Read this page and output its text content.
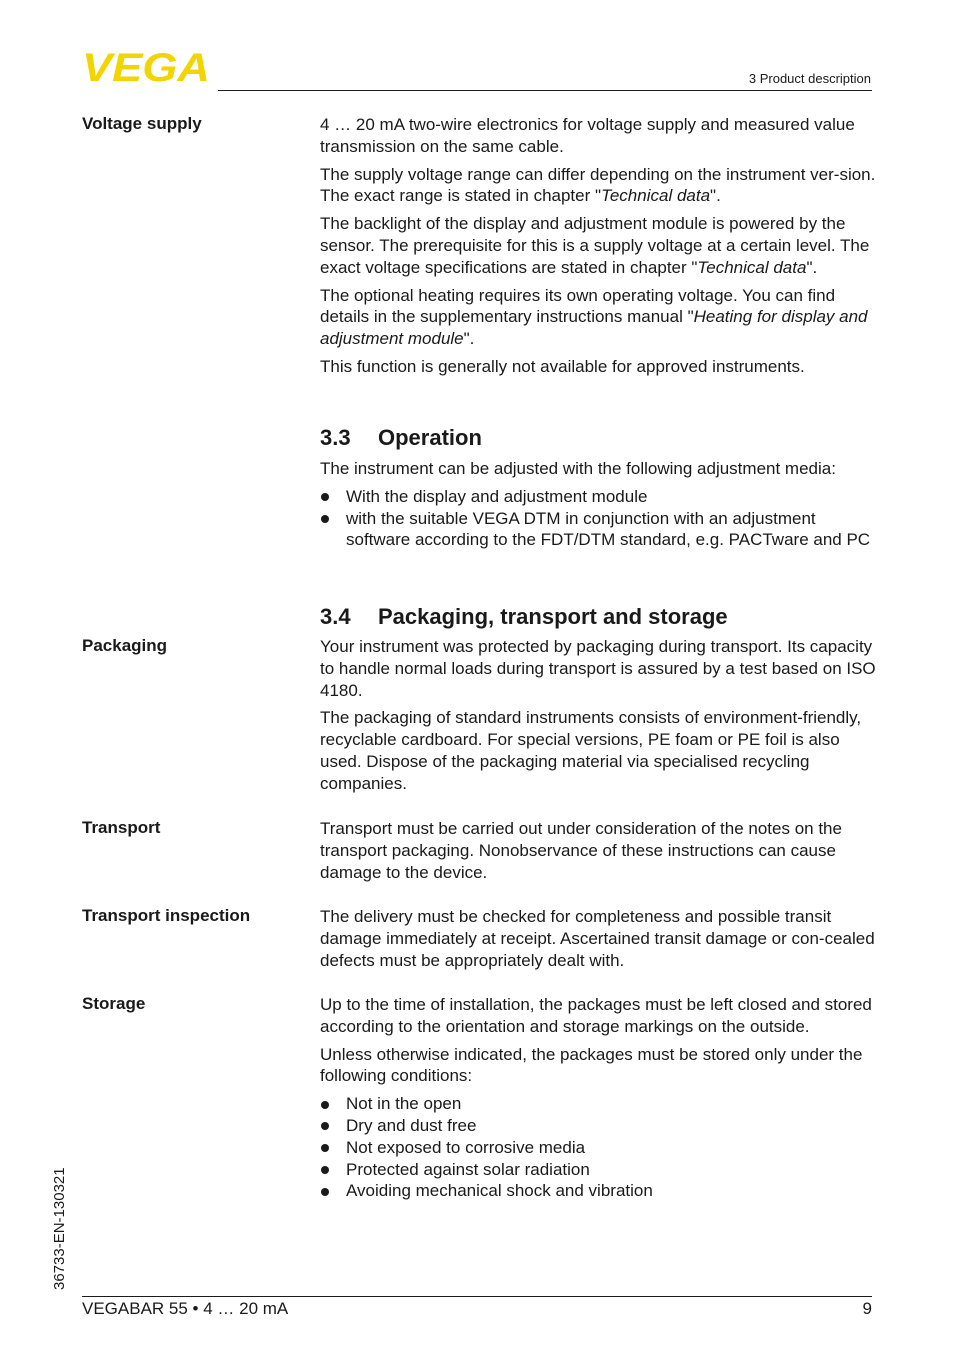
VEGA	3 Product description
Voltage supply	4 … 20 mA two-wire electronics for voltage supply and measured value transmission on the same cable.

The supply voltage range can differ depending on the instrument ver-sion. The exact range is stated in chapter "Technical data".

The backlight of the display and adjustment module is powered by the sensor. The prerequisite for this is a supply voltage at a certain level. The exact voltage specifications are stated in chapter "Technical data".

The optional heating requires its own operating voltage. You can find details in the supplementary instructions manual "Heating for display and adjustment module".

This function is generally not available for approved instruments.

3.3 Operation

The instrument can be adjusted with the following adjustment media:

With the display and adjustment module
with the suitable VEGA DTM in conjunction with an adjustment software according to the FDT/DTM standard, e.g. PACTware and PC
3.4 Packaging, transport and storage
Packaging	Your instrument was protected by packaging during transport. Its capacity to handle normal loads during transport is assured by a test based on ISO 4180.

The packaging of standard instruments consists of environment-friendly, recyclable cardboard. For special versions, PE foam or PE foil is also used. Dispose of the packaging material via specialised recycling companies.

Transport	Transport must be carried out under consideration of the notes on the transport packaging. Nonobservance of these instructions can cause damage to the device.

Transport inspection	The delivery must be checked for completeness and possible transit damage immediately at receipt. Ascertained transit damage or con-cealed defects must be appropriately dealt with.

Storage	Up to the time of installation, the packages must be left closed and stored according to the orientation and storage markings on the outside.

Unless otherwise indicated, the packages must be stored only under the following conditions:

Not in the open
Dry and dust free
Not exposed to corrosive media
Protected against solar radiation
Avoiding mechanical shock and vibration
36733-EN-130321
VEGABAR 55 • 4 … 20 mA	9
